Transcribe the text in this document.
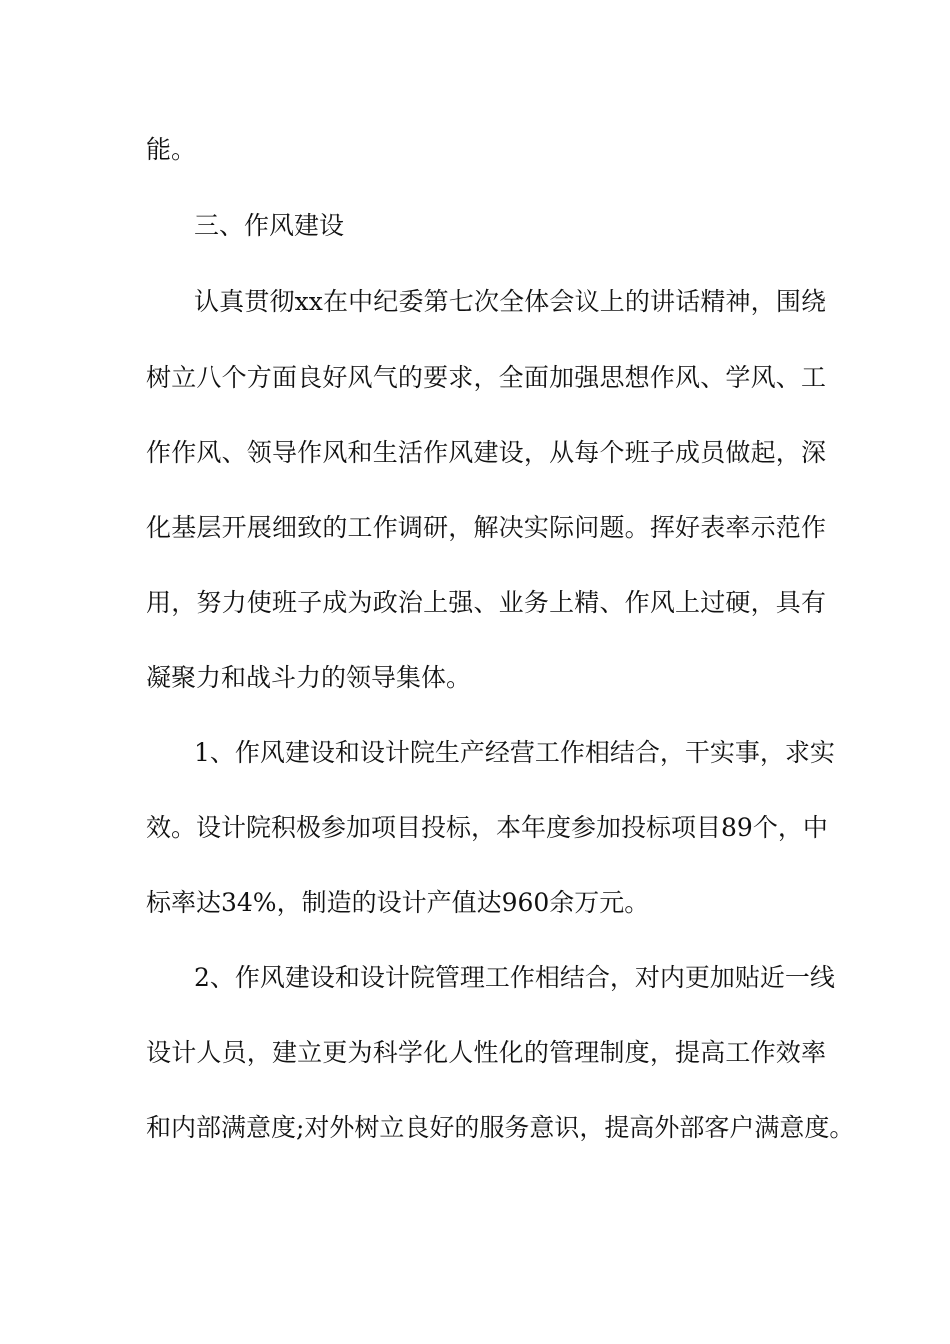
能。
三、作风建设
认真贯彻xx在中纪委第七次全体会议上的讲话精神，围绕
树立八个方面良好风气的要求，全面加强思想作风、学风、工
作作风、领导作风和生活作风建设，从每个班子成员做起，深
化基层开展细致的工作调研，解决实际问题。挥好表率示范作
用，努力使班子成为政治上强、业务上精、作风上过硬，具有
凝聚力和战斗力的领导集体。
1、作风建设和设计院生产经营工作相结合，干实事，求实
效。设计院积极参加项目投标，本年度参加投标项目89个，中
标率达34%，制造的设计产值达960余万元。
2、作风建设和设计院管理工作相结合，对内更加贴近一线
设计人员，建立更为科学化人性化的管理制度，提高工作效率
和内部满意度;对外树立良好的服务意识，提高外部客户满意度。
